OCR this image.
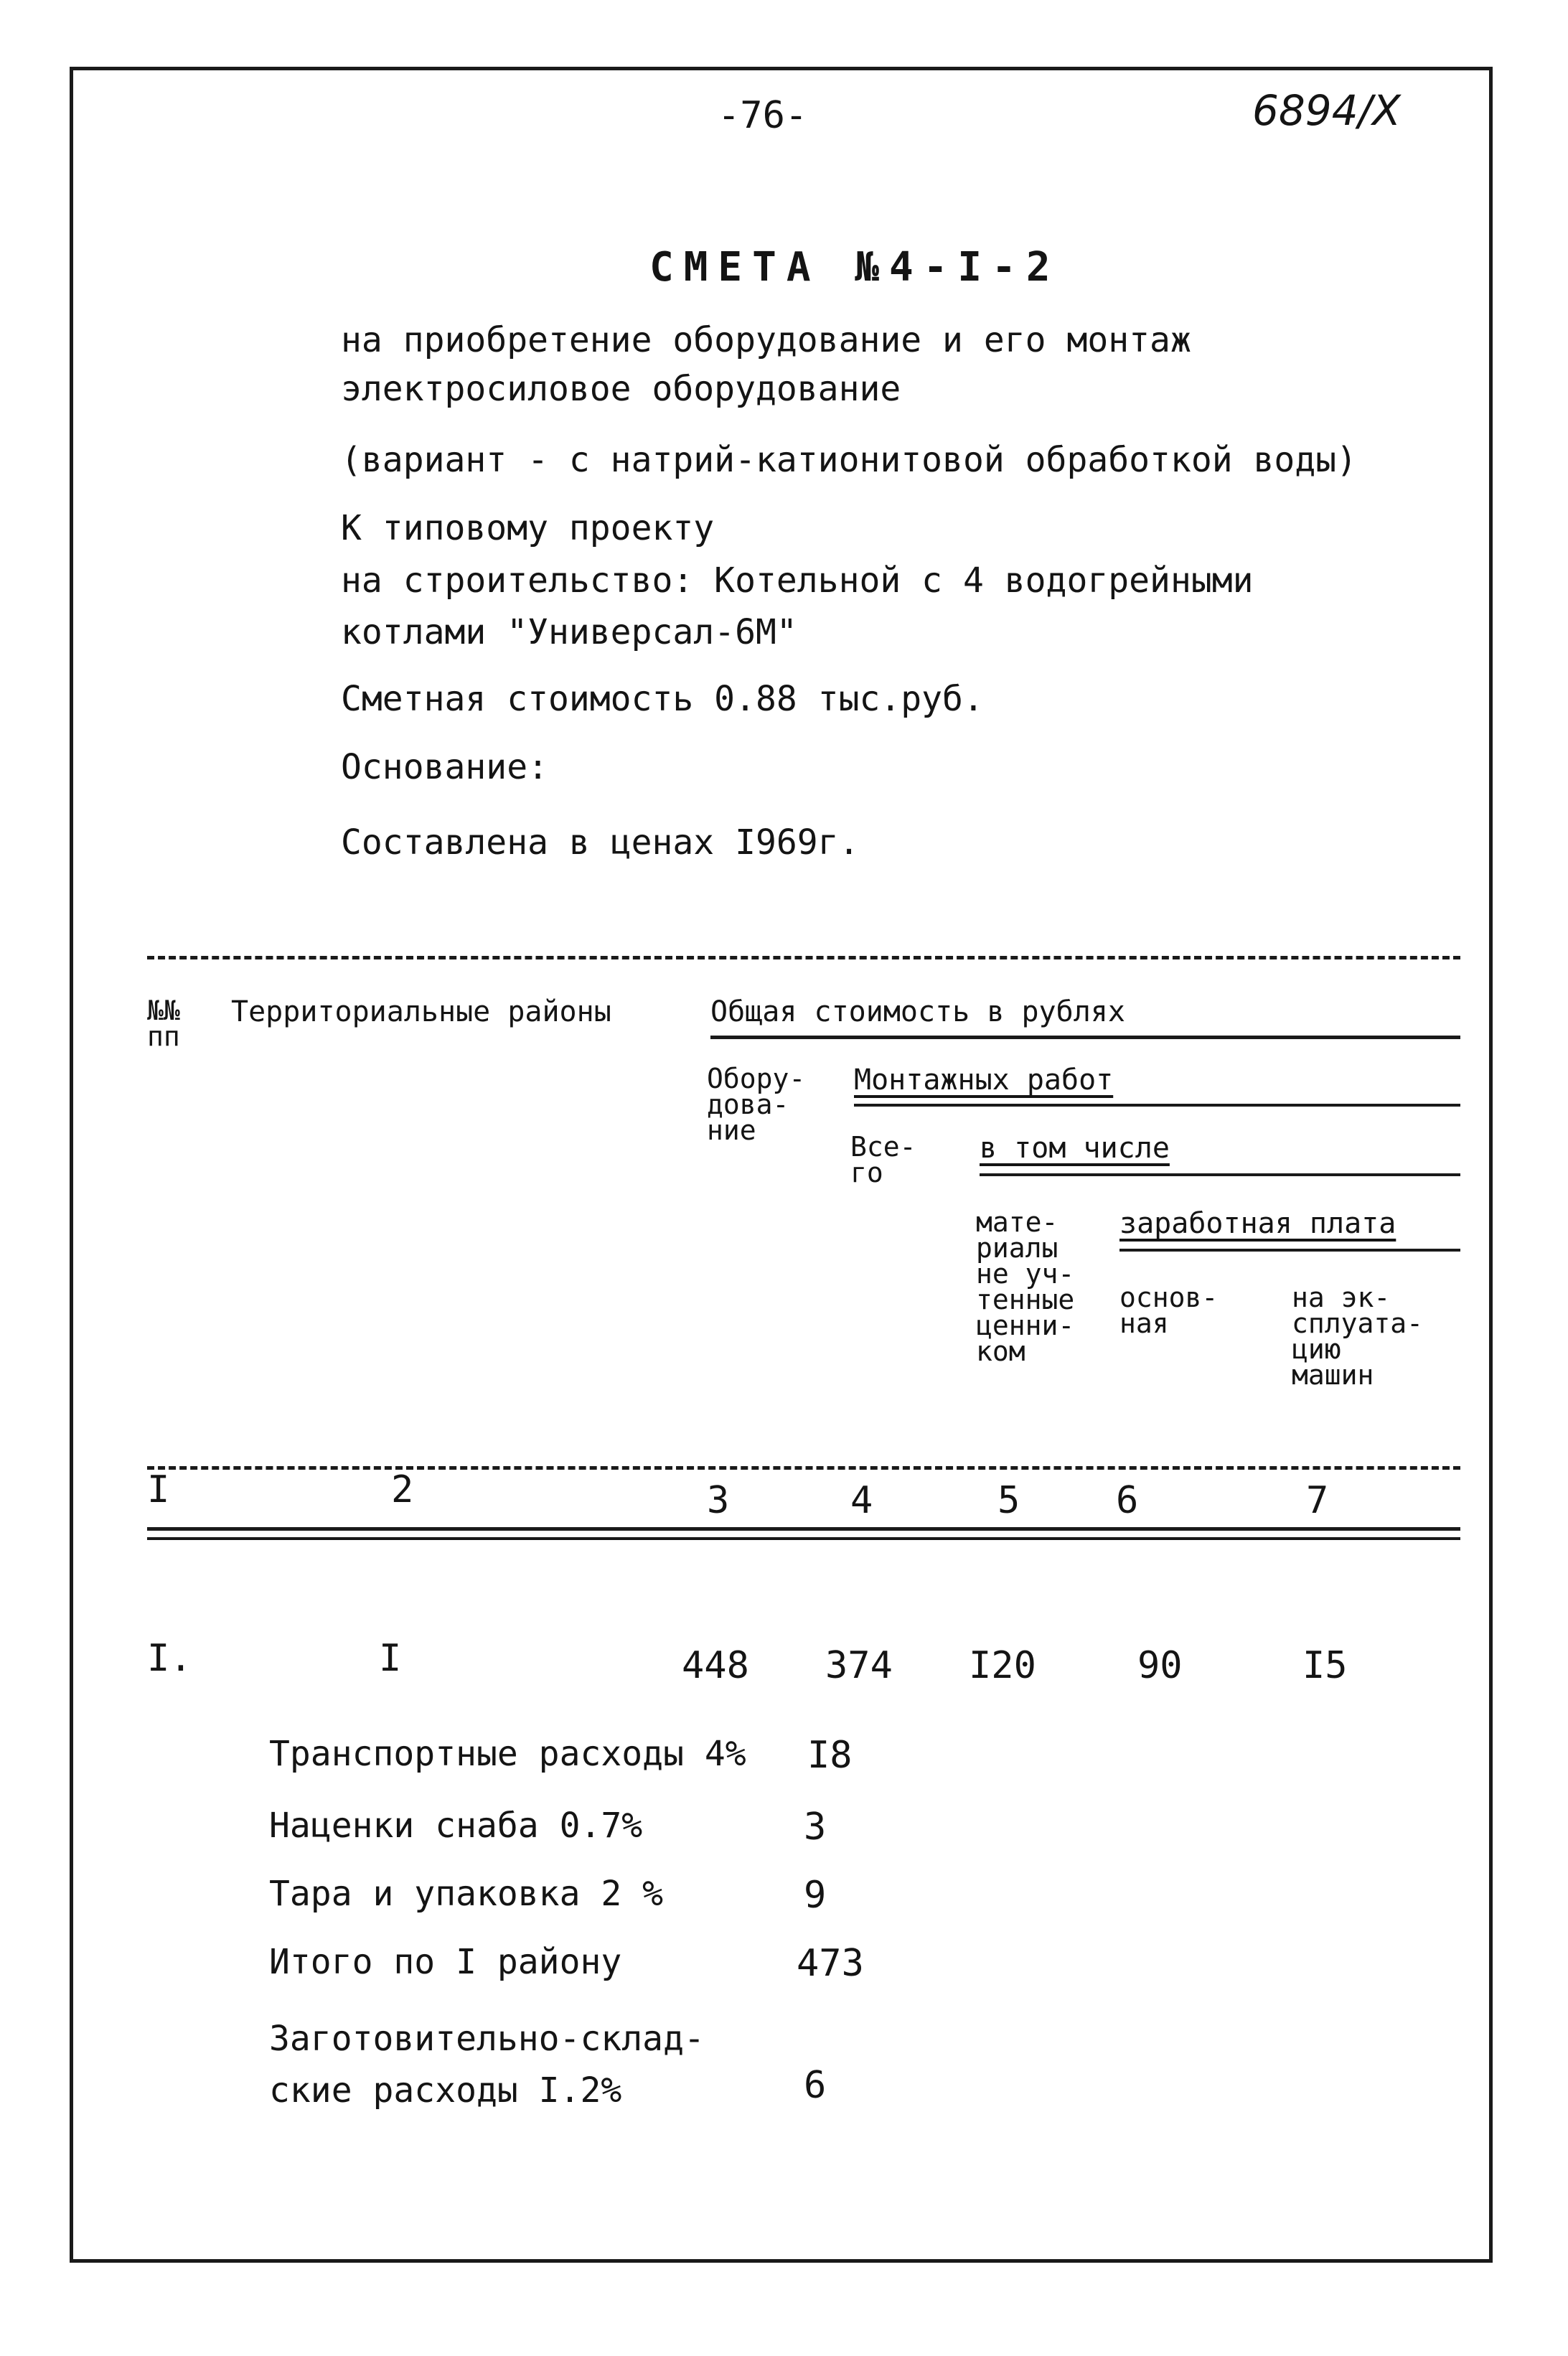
-76-	6894/X
СМЕТА №4-I-2
на приобретение оборудование и его монтаж
электросиловое оборудование
(вариант - с натрий-катионитовой обработкой воды)
К типовому проекту
на строительство: Котельной с 4 водогрейными
котлами "Универсал-6М"
Сметная стоимость 0.88 тыс.руб.
Основание:
Составлена в ценах I969г.
№№
пп
Территориальные районы	Общая стоимость в рублях
Обору-
дова-
ние
Монтажных работ
Все-
го
в том числе
мате-
риалы
не уч-
тенные
ценни-
ком
заработная плата
основ-
ная
на эк-
сплуата-
цию
машин
I	2	3	4	5	6	7
I.	I	448 374 I20	90	I5
Транспортные расходы 4% I8
Наценки снаба 0.7%	3
Тара и упаковка 2 %	9
Итого по I району	473
Заготовительно-склад-
ские расходы I.2%	6
